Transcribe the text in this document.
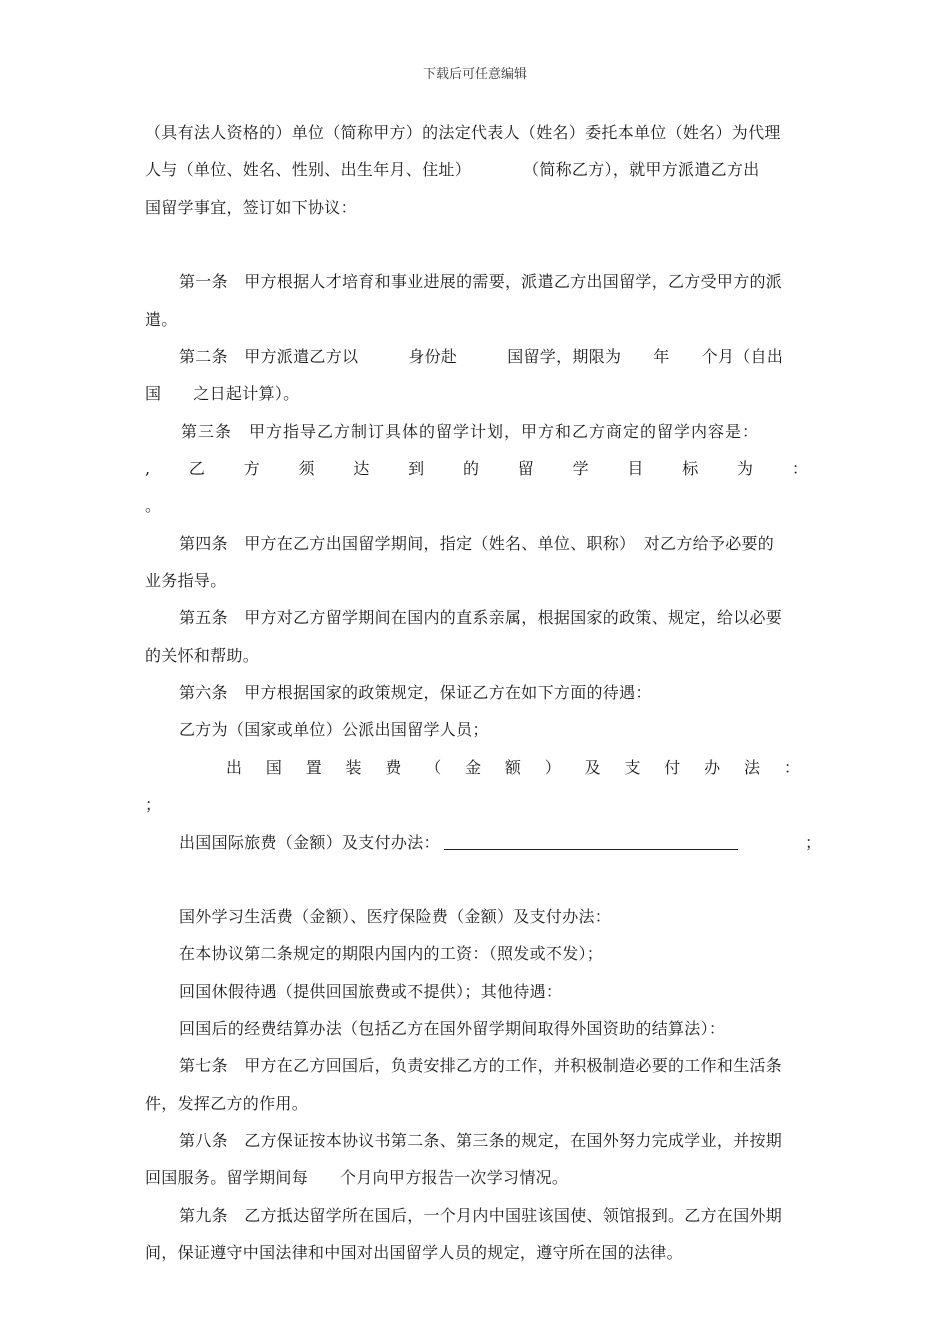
下载后可任意编辑
（具有法人资格的）单位（简称甲方）的法定代表人（姓名）委托本单位（姓名）为代理
人与（单位、姓名、性别、出生年月、住址）	（简称乙方），就甲方派遣乙方出
国留学事宜，签订如下协议：
第一条　甲方根据人才培育和事业进展的需要，派遣乙方出国留学，乙方受甲方的派
遣。
第二条　甲方派遣乙方以	身份赴	国留学，期限为 年 个月（自出
国 之日起计算）。
第三条　甲方指导乙方制订具体的留学计划，甲方和乙方商定的留学内容是：
, 乙 方 须 达 到 的 留 学 目 标 为 ：
。
第四条　甲方在乙方出国留学期间，指定（姓名、单位、职称）　对乙方给予必要的
业务指导。
第五条　甲方对乙方留学期间在国内的直系亲属，根据国家的政策、规定，给以必要
的关怀和帮助。
第六条　甲方根据国家的政策规定，保证乙方在如下方面的待遇：
乙方为（国家或单位）公派出国留学人员；
出 国 置 装 费 （ 金 额 ） 及 支 付 办 法 ：
；
出国国际旅费（金额）及支付办法：	；
国外学习生活费（金额）、医疗保险费（金额）及支付办法：
在本协议第二条规定的期限内国内的工资：（照发或不发）；
回国休假待遇（提供回国旅费或不提供）；其他待遇：
回国后的经费结算办法（包括乙方在国外留学期间取得外国资助的结算法）：
第七条　甲方在乙方回国后，负责安排乙方的工作，并积极制造必要的工作和生活条
件，发挥乙方的作用。
第八条　乙方保证按本协议书第二条、第三条的规定，在国外努力完成学业，并按期
回国服务。留学期间每 个月向甲方报告一次学习情况。
第九条　乙方抵达留学所在国后，一个月内中国驻该国使、领馆报到。乙方在国外期
间，保证遵守中国法律和中国对出国留学人员的规定，遵守所在国的法律。
